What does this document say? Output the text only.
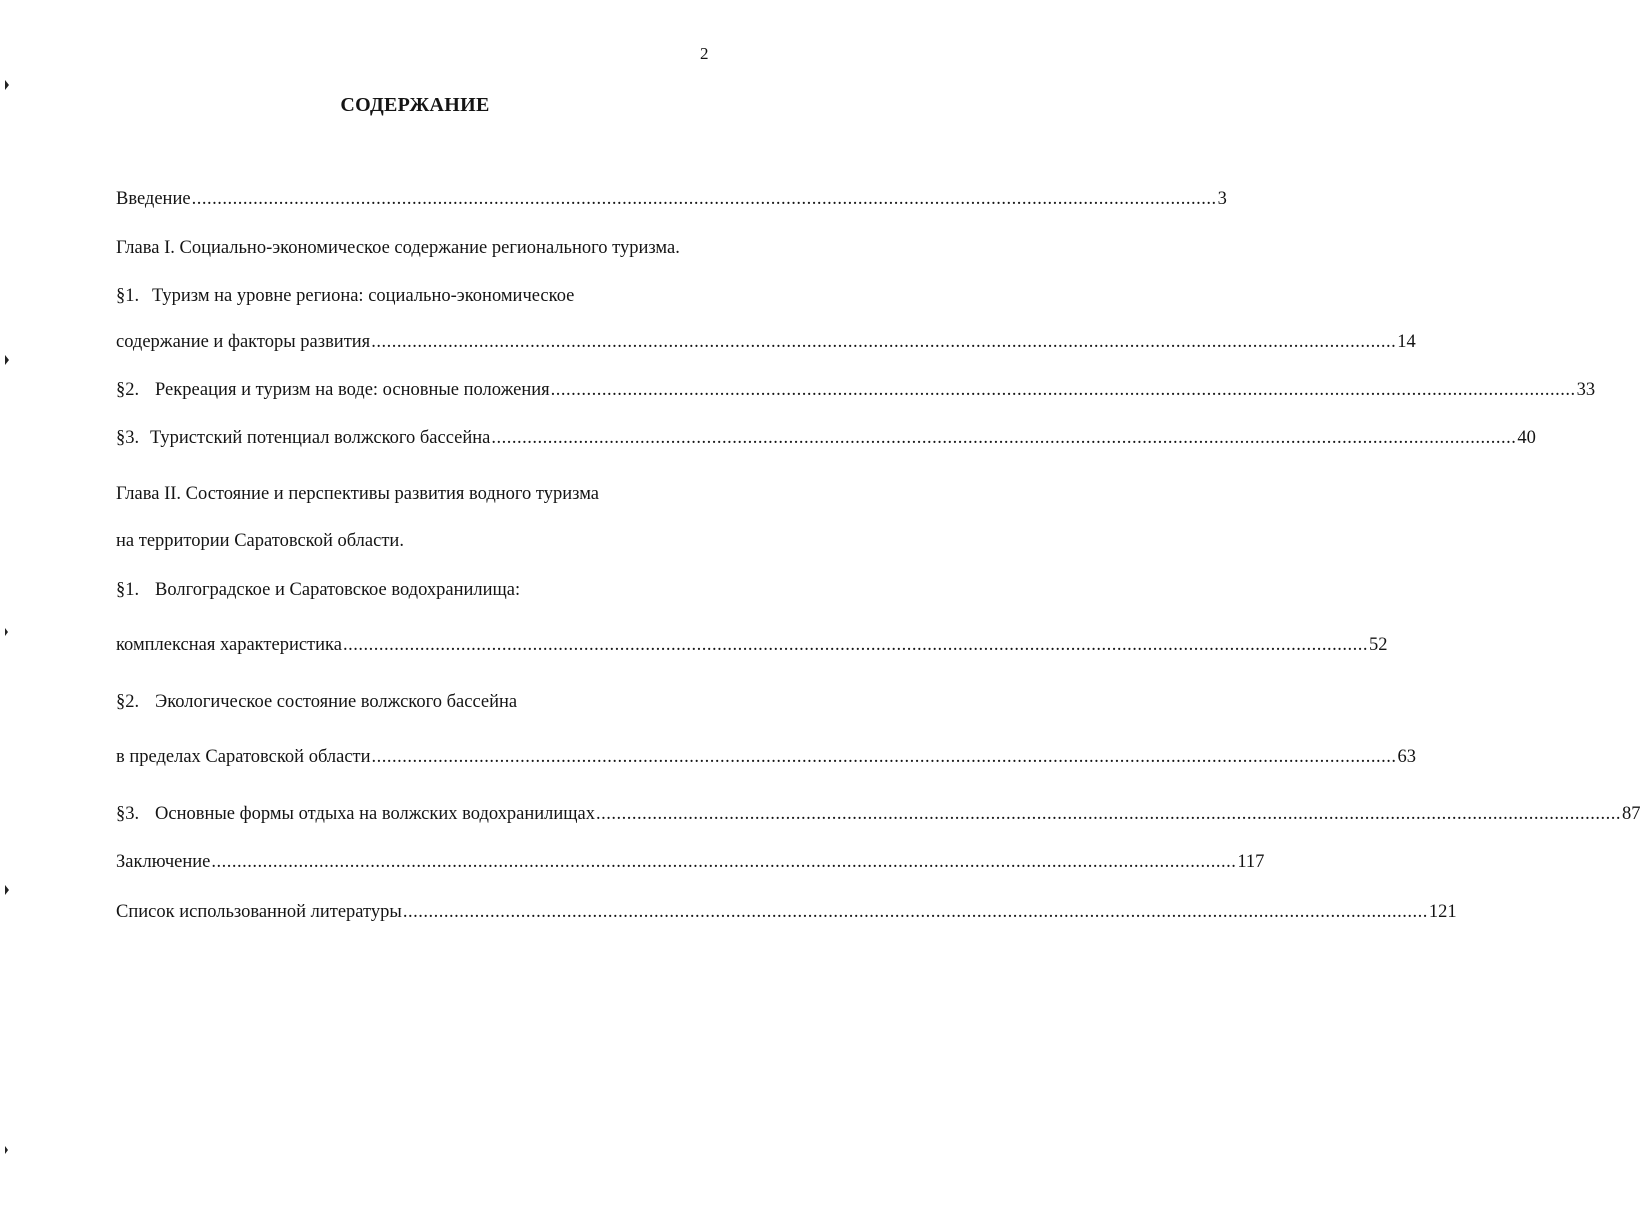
2
СОДЕРЖАНИЕ
Введение ........................................................................................................................................................................................................ 3
Глава I. Социально-экономическое содержание регионального туризма.
§1. Туризм на уровне региона: социально-экономическое
содержание и факторы развития ........................................................................................................................................................................................................ 14
§2. Рекреация и туризм на воде: основные положения ........................................................................................................................................................................................................ 33
§3. Туристский потенциал волжского бассейна ........................................................................................................................................................................................................ 40
Глава II. Состояние и перспективы развития водного туризма
на территории Саратовской области.
§1. Волгоградское и Саратовское водохранилища:
комплексная характеристика ........................................................................................................................................................................................................ 52
§2. Экологическое состояние волжского бассейна
в пределах Саратовской области ........................................................................................................................................................................................................ 63
§3. Основные формы отдыха на волжских водохранилищах ........................................................................................................................................................................................................ 87
Заключение ........................................................................................................................................................................................................ 117
Список использованной литературы ........................................................................................................................................................................................................ 121
